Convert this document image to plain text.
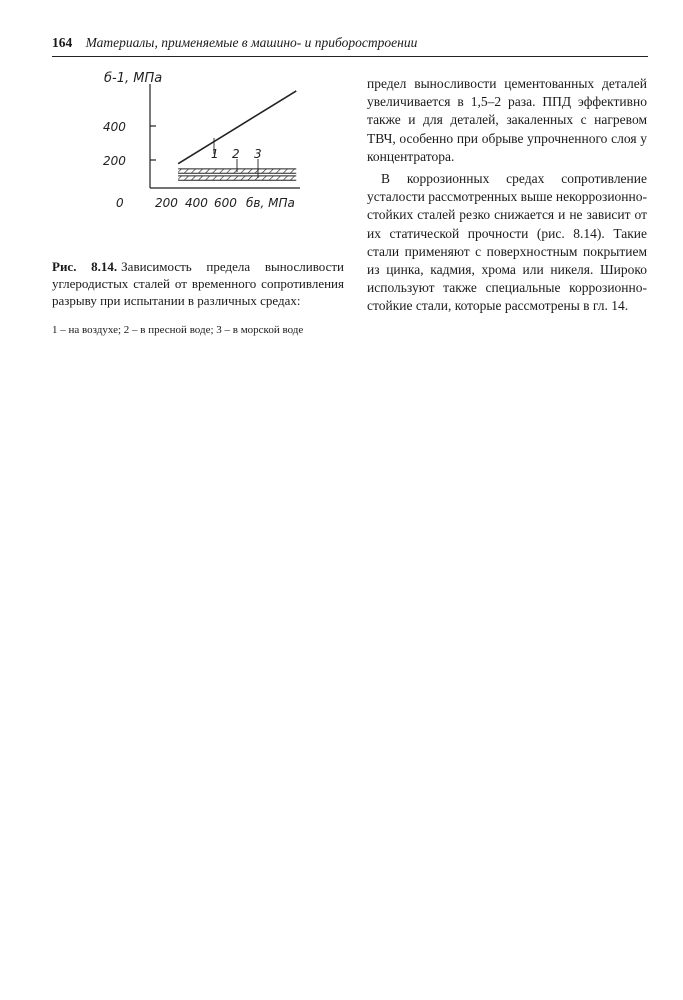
164 Материалы, применяемые в машино- и приборостроении
б-1, МПа
бв, МПа
0
400
200
200 400 600
1 2 3
Рис. 8.14. Зависимость предела выносливости углеродистых сталей от временного сопротивления разрыву при испытании в различных средах:
1 – на воздухе; 2 – в пресной воде; 3 – в морской воде

предел выносливости цементованных деталей увеличивается в 1,5–2 раза. ППД эффективно также и для деталей, закаленных с нагревом ТВЧ, особенно при обрыве упрочненного слоя у концентратора.

В коррозионных средах сопротивление усталости рассмотренных выше некоррозионно-стойких сталей резко снижается и не зависит от их статической прочности (рис. 8.14). Такие стали применяют с поверхностным покрытием из цинка, кадмия, хрома или никеля. Широко используют также специальные коррозионно-стойкие стали, которые рассмотрены в гл. 14.
